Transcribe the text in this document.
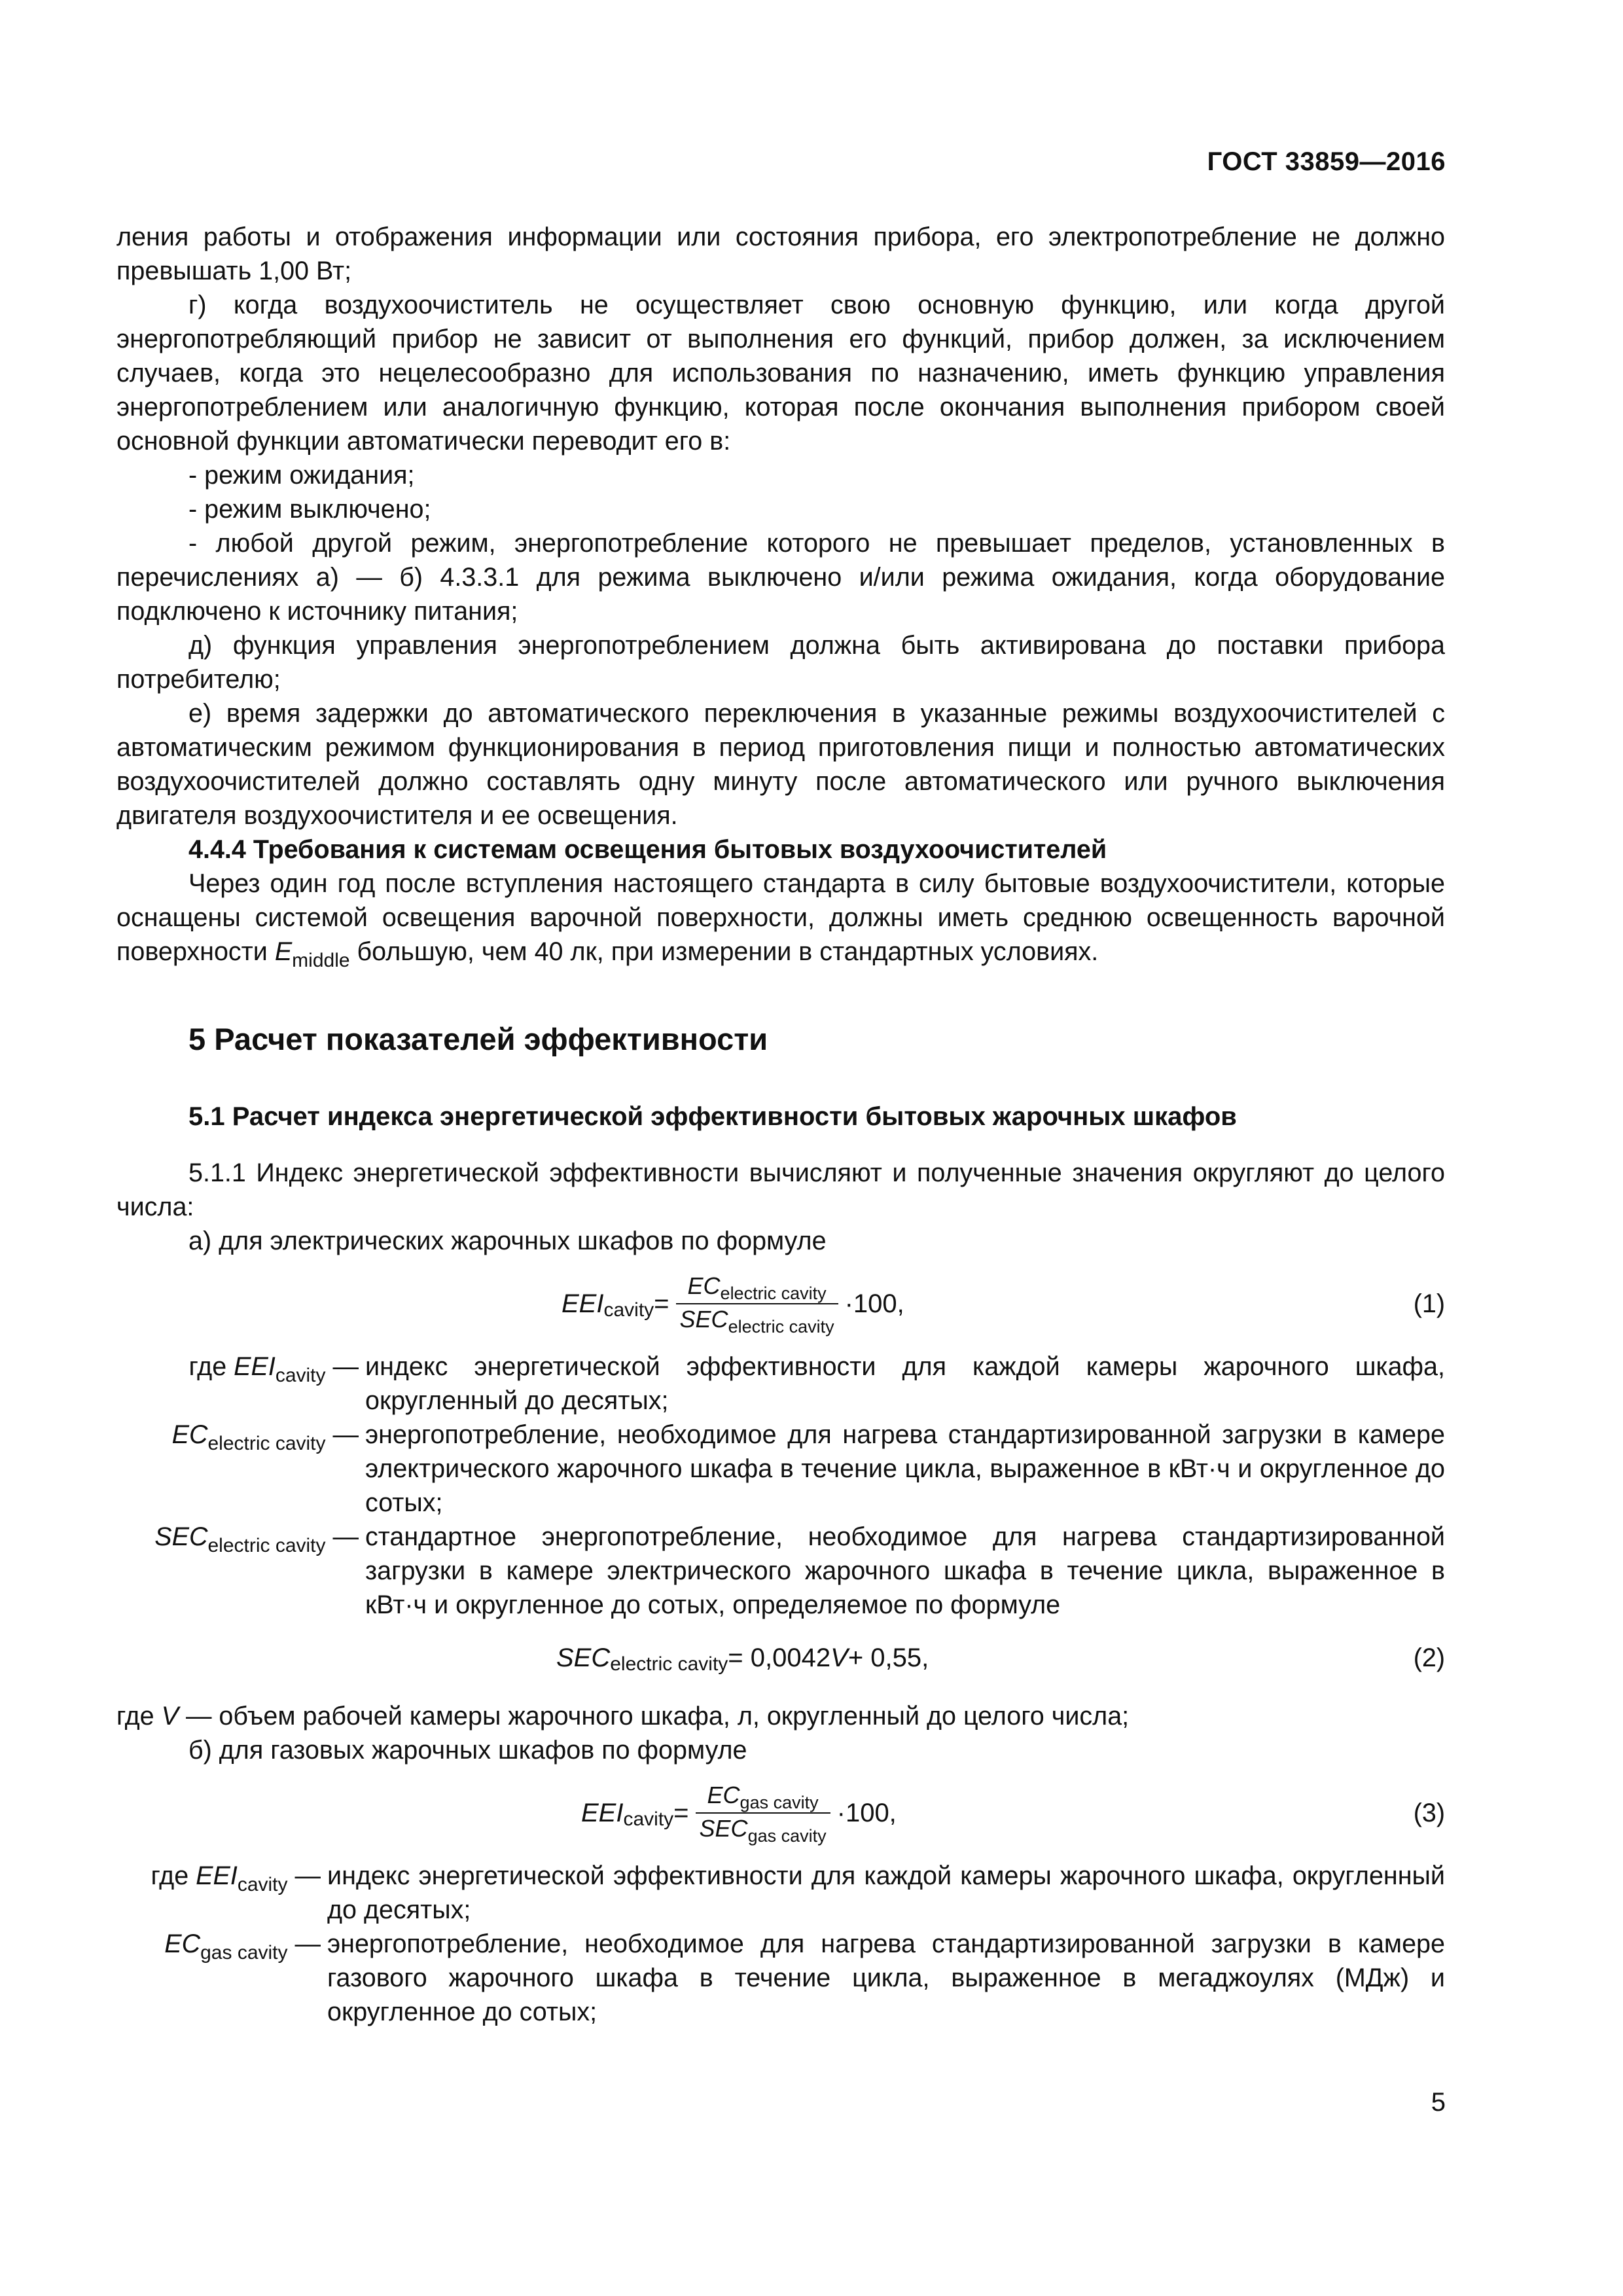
ГОСТ 33859—2016

ления работы и отображения информации или состояния прибора, его электропотребление не должно превышать 1,00 Вт;

г) когда воздухоочиститель не осуществляет свою основную функцию, или когда другой энергопотребляющий прибор не зависит от выполнения его функций, прибор должен, за исключением случаев, когда это нецелесообразно для использования по назначению, иметь функцию управления энергопотреблением или аналогичную функцию, которая после окончания выполнения прибором своей основной функции автоматически переводит его в:

- режим ожидания;

- режим выключено;

- любой другой режим, энергопотребление которого не превышает пределов, установленных в перечислениях а) — б) 4.3.3.1 для режима выключено и/или режима ожидания, когда оборудование подключено к источнику питания;

д) функция управления энергопотреблением должна быть активирована до поставки прибора потребителю;

е) время задержки до автоматического переключения в указанные режимы воздухоочистителей с автоматическим режимом функционирования в период приготовления пищи и полностью автоматических воздухоочистителей должно составлять одну минуту после автоматического или ручного выключения двигателя воздухоочистителя и ее освещения.

4.4.4 Требования к системам освещения бытовых воздухоочистителей

Через один год после вступления настоящего стандарта в силу бытовые воздухоочистители, которые оснащены системой освещения варочной поверхности, должны иметь среднюю освещенность варочной поверхности $E_{middle}$ большую, чем 40 лк, при измерении в стандартных условиях.

5 Расчет показателей эффективности
5.1 Расчет индекса энергетической эффективности бытовых жарочных шкафов

5.1.1 Индекс энергетической эффективности вычисляют и полученные значения округляют до целого числа:

а) для электрических жарочных шкафов по формуле

EEI cavity = $\frac{EC_{electric cavity}}{SEC_{electric cavity}} \cdot 100$,	(1)
где $EEI_{cavity}$ — индекс энергетической эффективности для каждой камеры жарочного шкафа, округленный до десятых;
$EC_{electric cavity}$ — энергопотребление, необходимое для нагрева стандартизированной загрузки в камере электрического жарочного шкафа в течение цикла, выраженное в кВт·ч и округленное до сотых;
$SEC_{electric cavity}$ — стандартное энергопотребление, необходимое для нагрева стандартизированной загрузки в камере электрического жарочного шкафа в течение цикла, выраженное в кВт·ч и округленное до сотых, определяемое по формуле
SEC electric cavity = 0,0042 V + 0,55,	(2)

где V — объем рабочей камеры жарочного шкафа, л, округленный до целого числа;

б) для газовых жарочных шкафов по формуле

EEI cavity = $\frac{EC_{gas cavity}}{SEC_{gas cavity}} \cdot 100$,	(3)
где $EEI_{cavity}$ — индекс энергетической эффективности для каждой камеры жарочного шкафа, округленный до десятых;
$EC_{gas cavity}$ — энергопотребление, необходимое для нагрева стандартизированной загрузки в камере газового жарочного шкафа в течение цикла, выраженное в мегаджоулях (МДж) и округленное до сотых;
5
